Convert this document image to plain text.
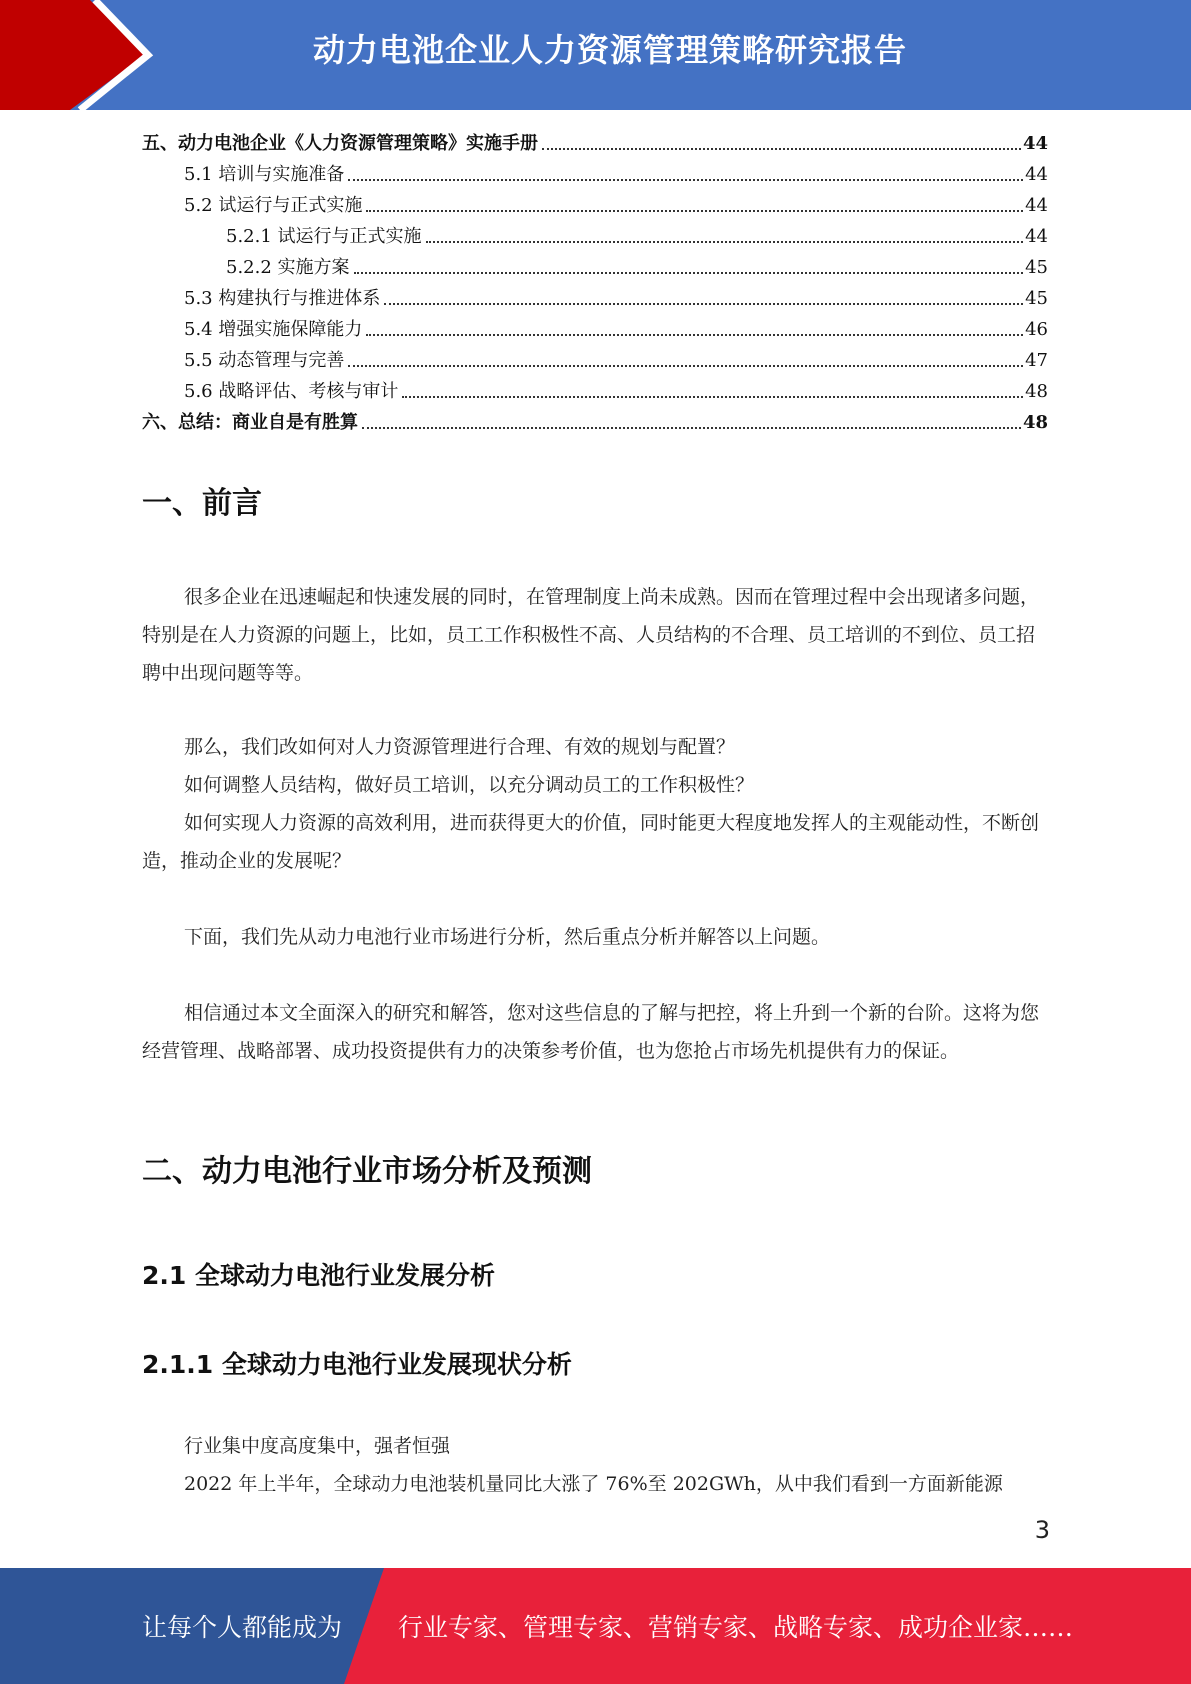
动力电池企业人力资源管理策略研究报告
五、动力电池企业《人力资源管理策略》实施手册	44
5.1 培训与实施准备	44
5.2 试运行与正式实施	44
5.2.1 试运行与正式实施	44
5.2.2 实施方案	45
5.3 构建执行与推进体系	45
5.4 增强实施保障能力	46
5.5 动态管理与完善	47
5.6 战略评估、考核与审计	48
六、总结：商业自是有胜算	48
一、前言

很多企业在迅速崛起和快速发展的同时，在管理制度上尚未成熟。因而在管理过程中会出现诸多问题，特别是在人力资源的问题上，比如，员工工作积极性不高、人员结构的不合理、员工培训的不到位、员工招聘中出现问题等等。

那么，我们改如何对人力资源管理进行合理、有效的规划与配置？

如何调整人员结构，做好员工培训，以充分调动员工的工作积极性？

如何实现人力资源的高效利用，进而获得更大的价值，同时能更大程度地发挥人的主观能动性，不断创造，推动企业的发展呢？

下面，我们先从动力电池行业市场进行分析，然后重点分析并解答以上问题。

相信通过本文全面深入的研究和解答，您对这些信息的了解与把控，将上升到一个新的台阶。这将为您经营管理、战略部署、成功投资提供有力的决策参考价值，也为您抢占市场先机提供有力的保证。

二、动力电池行业市场分析及预测
2.1 全球动力电池行业发展分析
2.1.1 全球动力电池行业发展现状分析

行业集中度高度集中，强者恒强

2022 年上半年，全球动力电池装机量同比大涨了 76%至 202GWh，从中我们看到一方面新能源

3
让每个人都能成为 行业专家、管理专家、营销专家、战略专家、成功企业家……
